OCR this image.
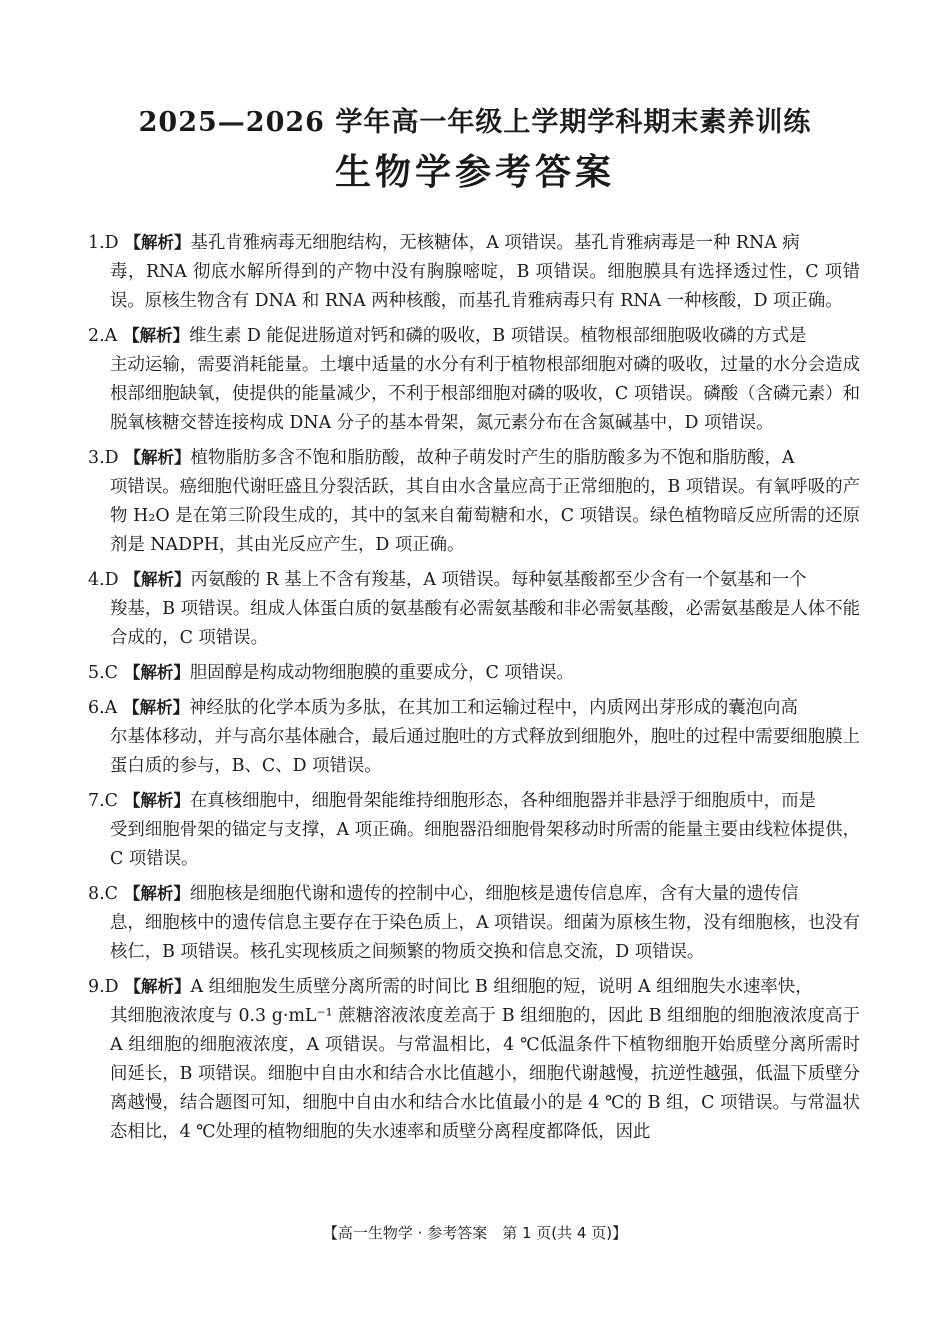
2025—2026 学年高一年级上学期学科期末素养训练
生物学参考答案
1.D 【解析】基孔肯雅病毒无细胞结构，无核糖体，A 项错误。基孔肯雅病毒是一种 RNA 病
毒，RNA 彻底水解所得到的产物中没有胸腺嘧啶，B 项错误。细胞膜具有选择透过性，C 项错误。原核生物含有 DNA 和 RNA 两种核酸，而基孔肯雅病毒只有 RNA 一种核酸，D 项正确。
2.A 【解析】维生素 D 能促进肠道对钙和磷的吸收，B 项错误。植物根部细胞吸收磷的方式是
主动运输，需要消耗能量。土壤中适量的水分有利于植物根部细胞对磷的吸收，过量的水分会造成根部细胞缺氧，使提供的能量减少，不利于根部细胞对磷的吸收，C 项错误。磷酸（含磷元素）和脱氧核糖交替连接构成 DNA 分子的基本骨架，氮元素分布在含氮碱基中，D 项错误。
3.D 【解析】植物脂肪多含不饱和脂肪酸，故种子萌发时产生的脂肪酸多为不饱和脂肪酸，A
项错误。癌细胞代谢旺盛且分裂活跃，其自由水含量应高于正常细胞的，B 项错误。有氧呼吸的产物 H₂O 是在第三阶段生成的，其中的氢来自葡萄糖和水，C 项错误。绿色植物暗反应所需的还原剂是 NADPH，其由光反应产生，D 项正确。
4.D 【解析】丙氨酸的 R 基上不含有羧基，A 项错误。每种氨基酸都至少含有一个氨基和一个
羧基，B 项错误。组成人体蛋白质的氨基酸有必需氨基酸和非必需氨基酸，必需氨基酸是人体不能合成的，C 项错误。
5.C 【解析】胆固醇是构成动物细胞膜的重要成分，C 项错误。
6.A 【解析】神经肽的化学本质为多肽，在其加工和运输过程中，内质网出芽形成的囊泡向高
尔基体移动，并与高尔基体融合，最后通过胞吐的方式释放到细胞外，胞吐的过程中需要细胞膜上蛋白质的参与，B、C、D 项错误。
7.C 【解析】在真核细胞中，细胞骨架能维持细胞形态，各种细胞器并非悬浮于细胞质中，而是
受到细胞骨架的锚定与支撑，A 项正确。细胞器沿细胞骨架移动时所需的能量主要由线粒体提供，C 项错误。
8.C 【解析】细胞核是细胞代谢和遗传的控制中心，细胞核是遗传信息库，含有大量的遗传信
息，细胞核中的遗传信息主要存在于染色质上，A 项错误。细菌为原核生物，没有细胞核，也没有核仁，B 项错误。核孔实现核质之间频繁的物质交换和信息交流，D 项错误。
9.D 【解析】A 组细胞发生质壁分离所需的时间比 B 组细胞的短，说明 A 组细胞失水速率快，
其细胞液浓度与 0.3 g·mL⁻¹ 蔗糖溶液浓度差高于 B 组细胞的，因此 B 组细胞的细胞液浓度高于 A 组细胞的细胞液浓度，A 项错误。与常温相比，4 ℃低温条件下植物细胞开始质壁分离所需时间延长，B 项错误。细胞中自由水和结合水比值越小，细胞代谢越慢，抗逆性越强，低温下质壁分离越慢，结合题图可知，细胞中自由水和结合水比值最小的是 4 ℃的 B 组，C 项错误。与常温状态相比，4 ℃处理的植物细胞的失水速率和质壁分离程度都降低，因此
【高一生物学 · 参考答案　第 1 页(共 4 页)】
